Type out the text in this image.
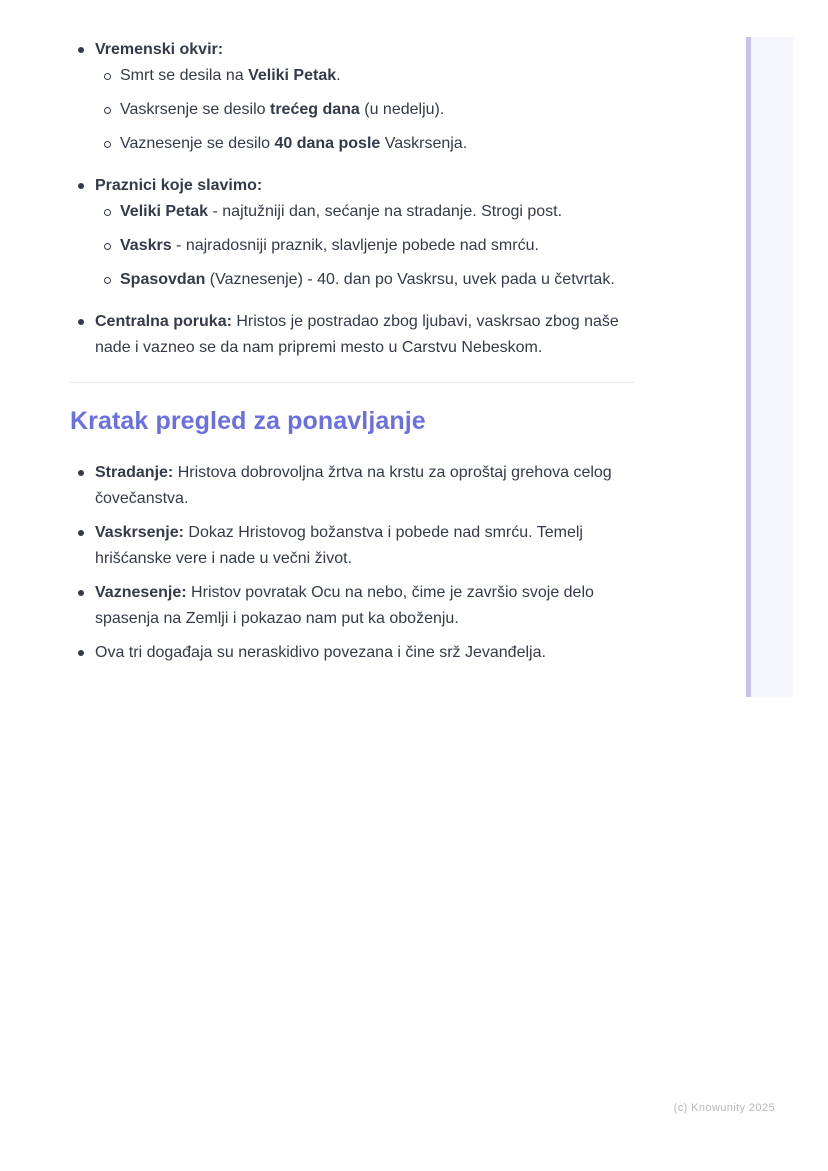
Vremenski okvir:
Smrt se desila na Veliki Petak.
Vaskrsenje se desilo trećeg dana (u nedelju).
Vaznesenje se desilo 40 dana posle Vaskrsenja.
Praznici koje slavimo:
Veliki Petak - najtužniji dan, sećanje na stradanje. Strogi post.
Vaskrs - najradosniji praznik, slavljenje pobede nad smrću.
Spasovdan (Vaznesenje) - 40. dan po Vaskrsu, uvek pada u četvrtak.
Centralna poruka: Hristos je postradao zbog ljubavi, vaskrsao zbog naše nade i vazneo se da nam pripremi mesto u Carstvu Nebeskom.
Kratak pregled za ponavljanje
Stradanje: Hristova dobrovoljna žrtva na krstu za oproštaj grehova celog čovečanstva.
Vaskrsenje: Dokaz Hristovog božanstva i pobede nad smrću. Temelj hrišćanske vere i nade u večni život.
Vaznesenje: Hristov povratak Ocu na nebo, čime je završio svoje delo spasenja na Zemlji i pokazao nam put ka oboženju.
Ova tri događaja su neraskidivo povezana i čine srž Jevanđelja.
(c) Knowunity 2025
